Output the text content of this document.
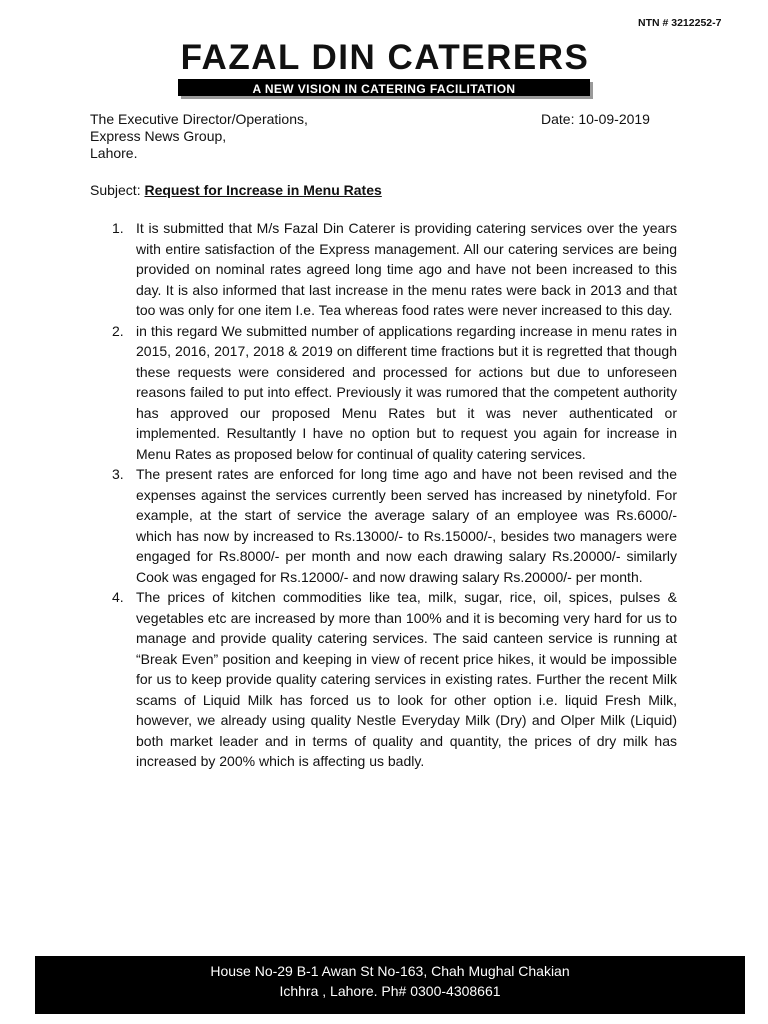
NTN # 3212252-7
FAZAL DIN CATERERS
A NEW VISION IN CATERING FACILITATION
The Executive Director/Operations,
Express News Group,
Lahore.
Date: 10-09-2019
Subject: Request for Increase in Menu Rates
1. It is submitted that M/s Fazal Din Caterer is providing catering services over the years with entire satisfaction of the Express management. All our catering services are being provided on nominal rates agreed long time ago and have not been increased to this day. It is also informed that last increase in the menu rates were back in 2013 and that too was only for one item I.e. Tea whereas food rates were never increased to this day.
2. in this regard We submitted number of applications regarding increase in menu rates in 2015, 2016, 2017, 2018 & 2019 on different time fractions but it is regretted that though these requests were considered and processed for actions but due to unforeseen reasons failed to put into effect. Previously it was rumored that the competent authority has approved our proposed Menu Rates but it was never authenticated or implemented. Resultantly I have no option but to request you again for increase in Menu Rates as proposed below for continual of quality catering services.
3. The present rates are enforced for long time ago and have not been revised and the expenses against the services currently been served has increased by ninetyfold. For example, at the start of service the average salary of an employee was Rs.6000/- which has now by increased to Rs.13000/- to Rs.15000/-, besides two managers were engaged for Rs.8000/- per month and now each drawing salary Rs.20000/- similarly Cook was engaged for Rs.12000/- and now drawing salary Rs.20000/- per month.
4. The prices of kitchen commodities like tea, milk, sugar, rice, oil, spices, pulses & vegetables etc are increased by more than 100% and it is becoming very hard for us to manage and provide quality catering services. The said canteen service is running at “Break Even” position and keeping in view of recent price hikes, it would be impossible for us to keep provide quality catering services in existing rates. Further the recent Milk scams of Liquid Milk has forced us to look for other option i.e. liquid Fresh Milk, however, we already using quality Nestle Everyday Milk (Dry) and Olper Milk (Liquid) both market leader and in terms of quality and quantity, the prices of dry milk has increased by 200% which is affecting us badly.
House No-29 B-1 Awan St No-163, Chah Mughal Chakian
Ichhra , Lahore. Ph# 0300-4308661
